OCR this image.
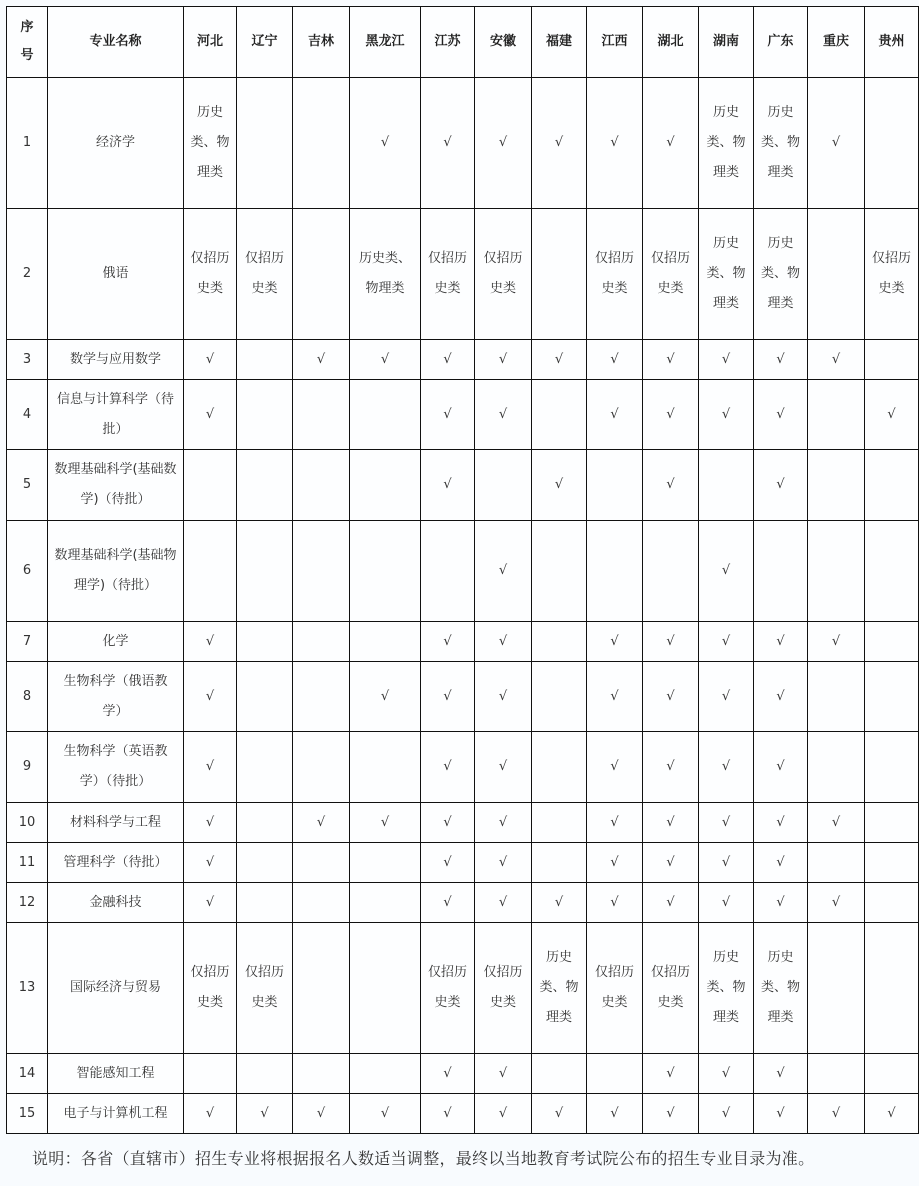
序号	专业名称	河北	辽宁	吉林	黑龙江	江苏	安徽	福建	江西	湖北	湖南	广东	重庆	贵州
1	经济学	历史类、物理类			√	√	√	√	√	√	历史类、物理类	历史类、物理类	√	
2	俄语	仅招历史类	仅招历史类		历史类、物理类	仅招历史类	仅招历史类		仅招历史类	仅招历史类	历史类、物理类	历史类、物理类		仅招历史类
3	数学与应用数学	√		√	√	√	√	√	√	√	√	√	√	
4	信息与计算科学（待批）	√				√	√		√	√	√	√		√
5	数理基础科学(基础数学)（待批）					√		√		√		√		
6	数理基础科学(基础物理学)（待批）						√				√			
7	化学	√				√	√		√	√	√	√	√	
8	生物科学（俄语教学）	√			√	√	√		√	√	√	√		
9	生物科学（英语教学）（待批）	√				√	√		√	√	√	√		
10	材料科学与工程	√		√	√	√	√		√	√	√	√	√	
11	管理科学（待批）	√				√	√		√	√	√	√		
12	金融科技	√				√	√	√	√	√	√	√	√	
13	国际经济与贸易	仅招历史类	仅招历史类			仅招历史类	仅招历史类	历史类、物理类	仅招历史类	仅招历史类	历史类、物理类	历史类、物理类		
14	智能感知工程					√	√			√	√	√		
15	电子与计算机工程	√	√	√	√	√	√	√	√	√	√	√	√	√
说明：各省（直辖市）招生专业将根据报名人数适当调整，最终以当地教育考试院公布的招生专业目录为准。
